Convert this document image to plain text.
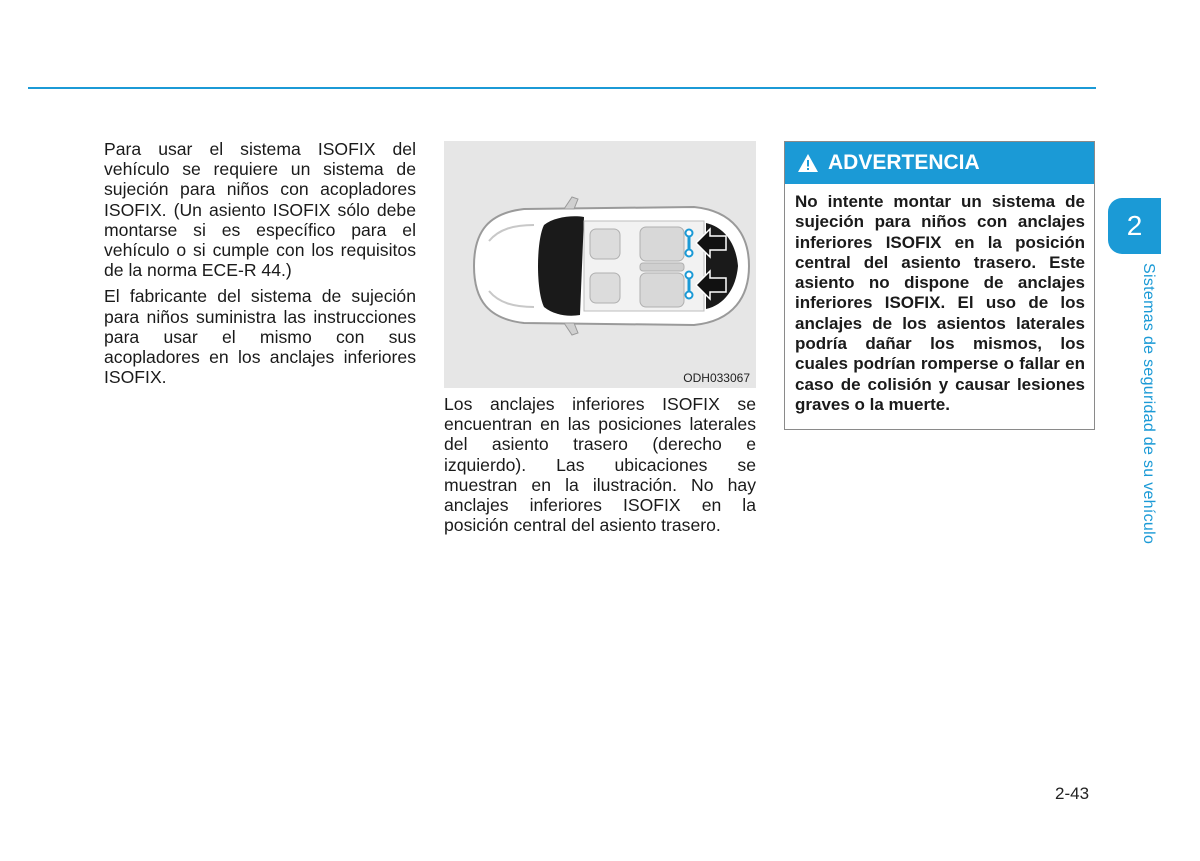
Para usar el sistema ISOFIX del vehículo se requiere un sistema de sujeción para niños con acopladores ISOFIX. (Un asiento ISOFIX sólo debe montarse si es específico para el vehículo o si cumple con los requisitos de la norma ECE-R 44.)

El fabricante del sistema de sujeción para niños suministra las instrucciones para usar el mismo con sus acopladores en los anclajes inferiores ISOFIX.	ODH033067

Los anclajes inferiores ISOFIX se encuentran en las posiciones laterales del asiento trasero (derecho e izquierdo). Las ubicaciones se muestran en la ilustración. No hay anclajes inferiores ISOFIX en la posición central del asiento trasero.

ADVERTENCIA
No intente montar un sistema de sujeción para niños con anclajes inferiores ISOFIX en la posición central del asiento trasero. Este asiento no dispone de anclajes inferiores ISOFIX. El uso de los anclajes de los asientos laterales podría dañar los mismos, los cuales podrían romperse o fallar en caso de colisión y causar lesiones graves o la muerte.
2
Sistemas de seguridad de su vehículo
2-43
